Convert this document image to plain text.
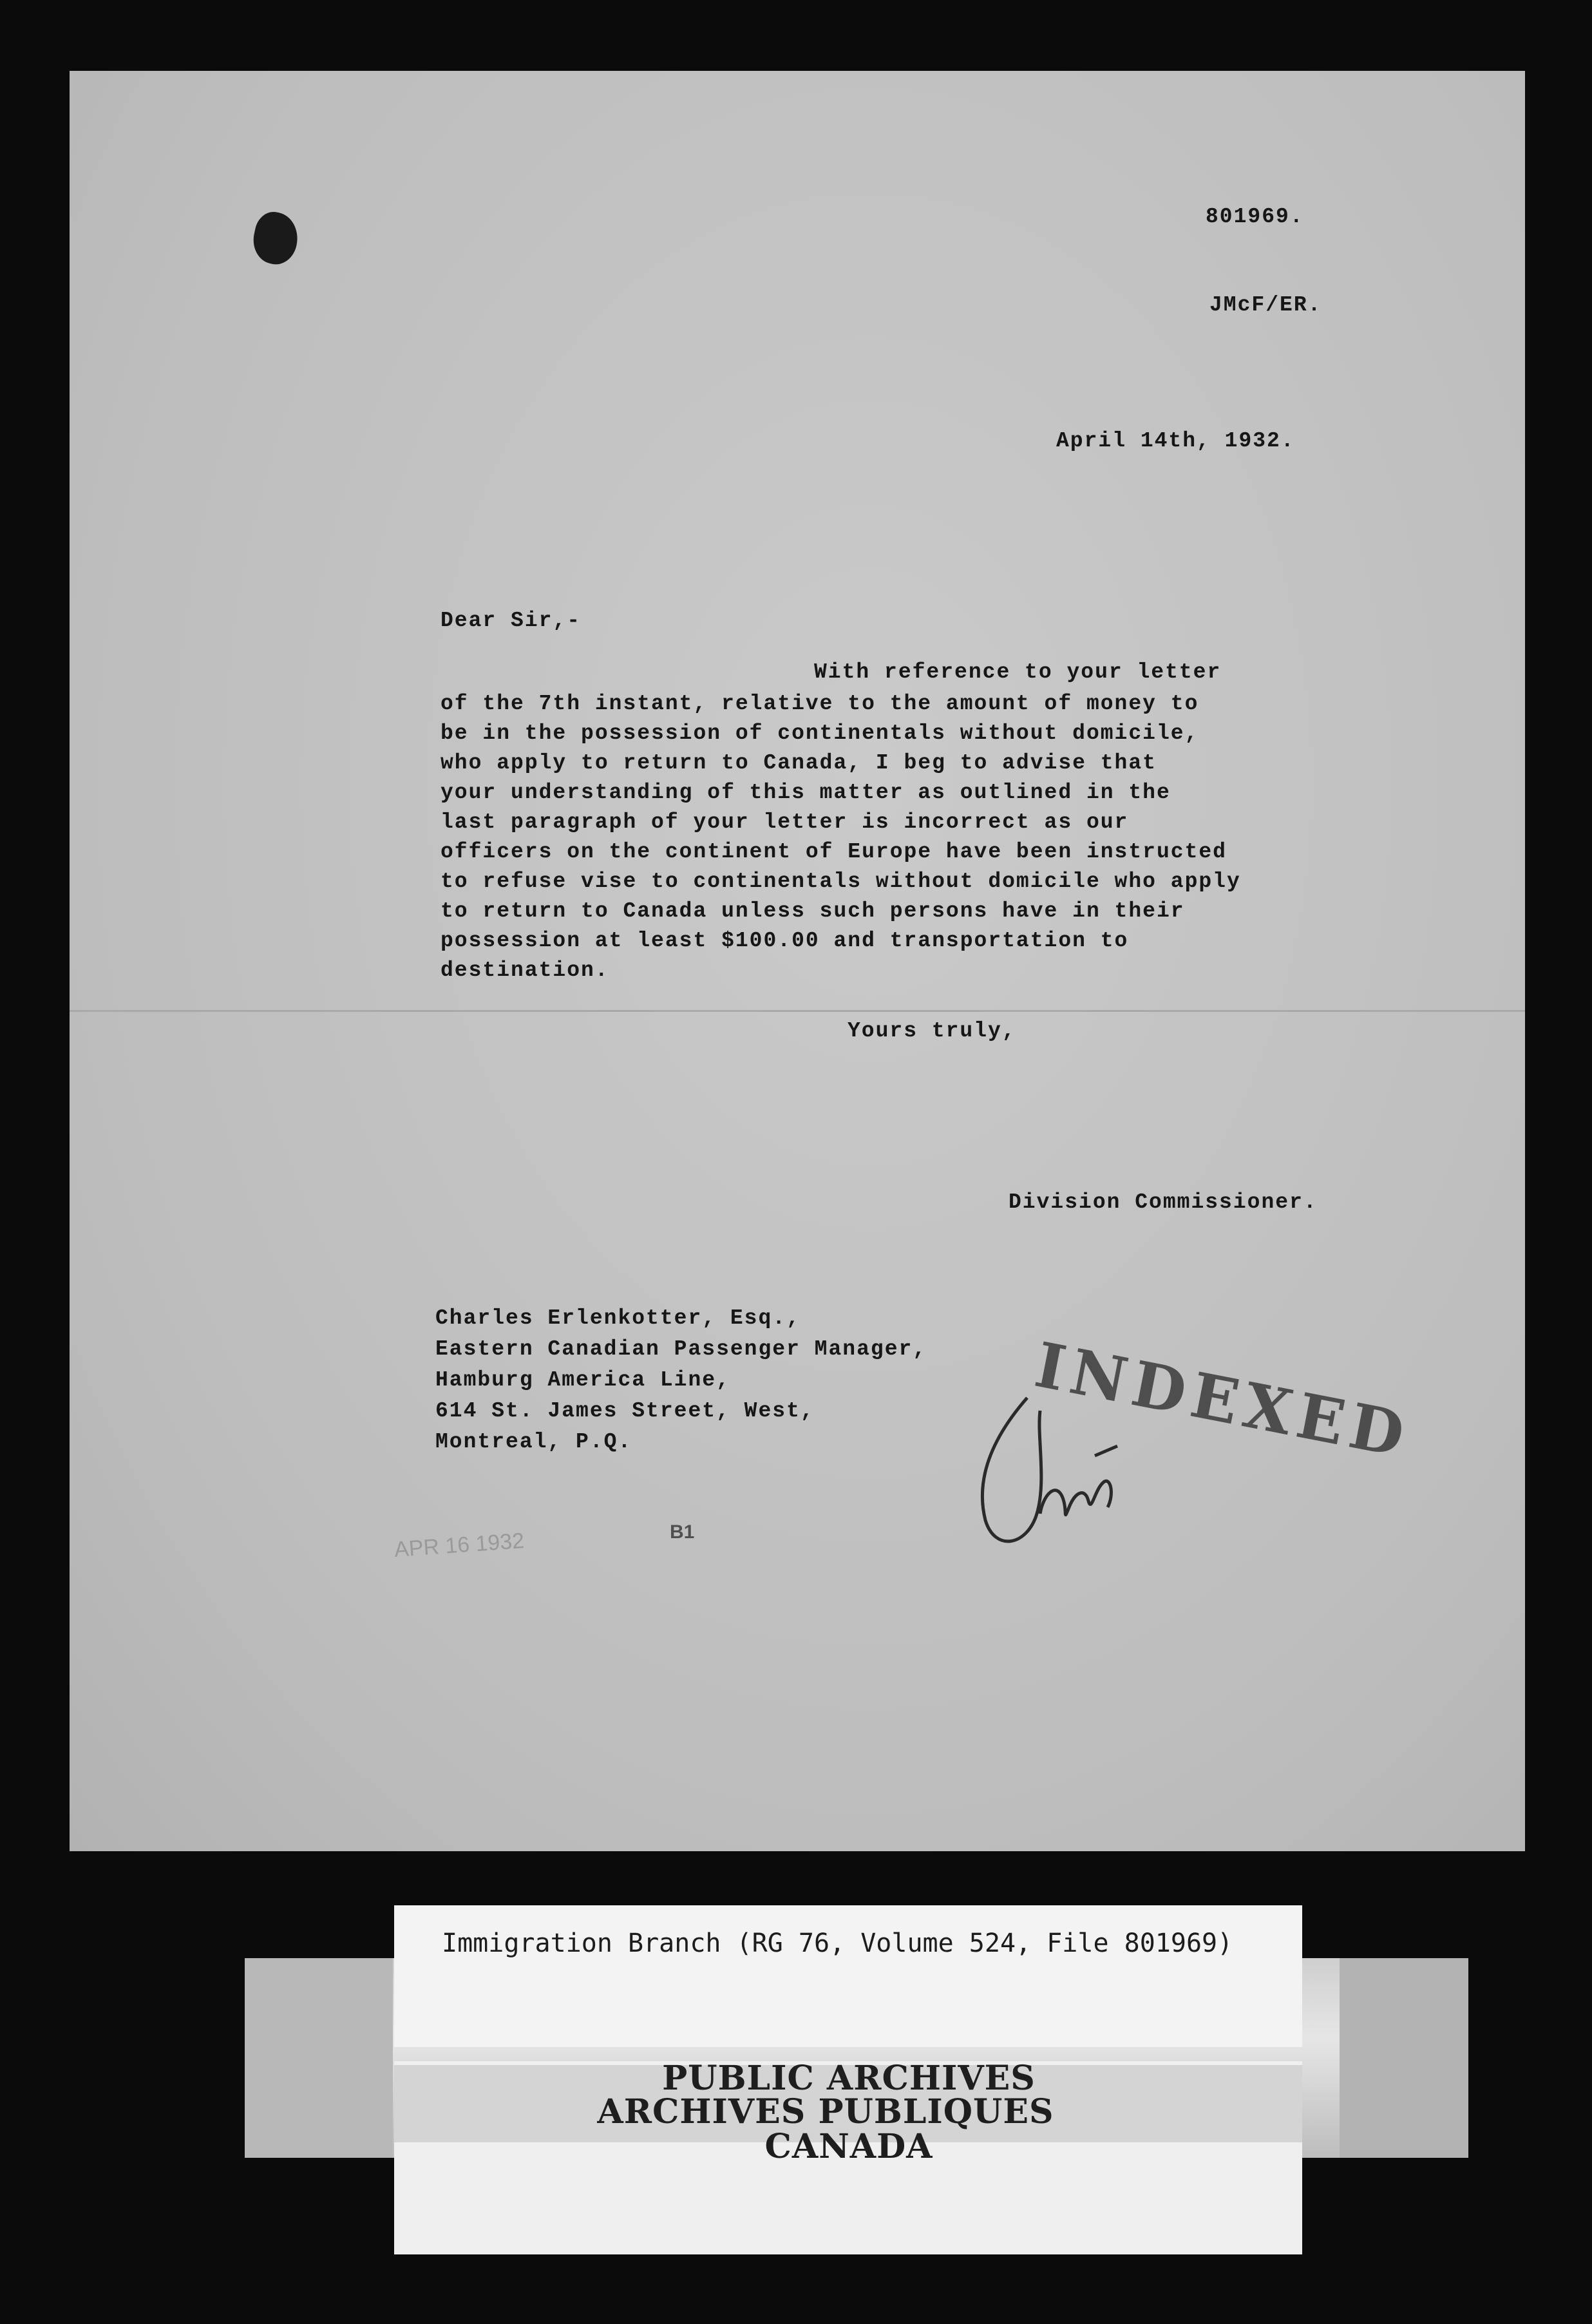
801969.
JMcF/ER.
April 14th, 1932.
Dear Sir,-
With reference to your letter
of the 7th instant, relative to the amount of money to
be in the possession of continentals without domicile,
who apply to return to Canada, I beg to advise that
your understanding of this matter as outlined in the
last paragraph of your letter is incorrect as our
officers on the continent of Europe have been instructed
to refuse vise to continentals without domicile who apply
to return to Canada unless such persons have in their
possession at least $100.00 and transportation to
destination.
Yours truly,
Division Commissioner.
Charles Erlenkotter, Esq.,
Eastern Canadian Passenger Manager,
Hamburg America Line,
614 St. James Street, West,
Montreal, P.Q.	INDEXED
APR 16 1932	B1
Immigration Branch (RG 76, Volume 524, File 801969)
PUBLIC ARCHIVES
ARCHIVES PUBLIQUES
CANADA
